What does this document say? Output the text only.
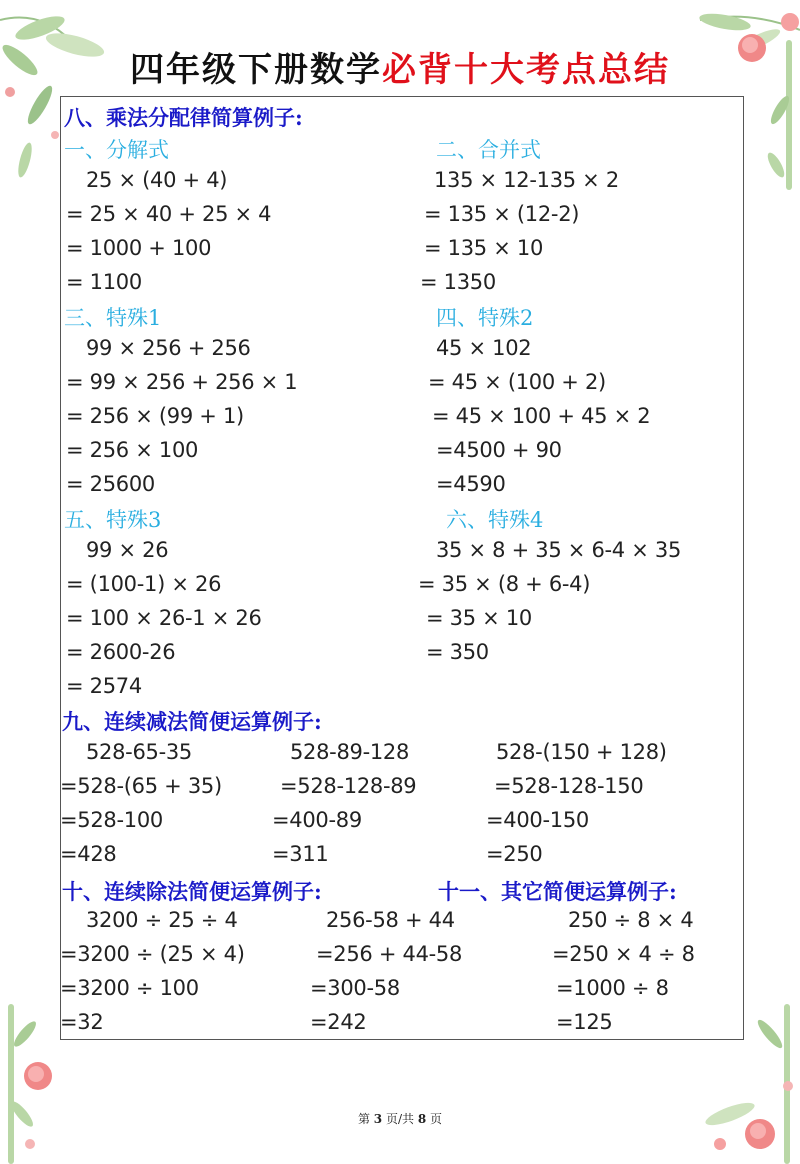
四年级下册数学必背十大考点总结
八、乘法分配律简算例子:
一、分解式
25 × (40 + 4)
= 25 × 40 + 25 × 4
= 1000 + 100
= 1100
二、合并式
135 × 12-135 × 2
= 135 × (12-2)
= 135 × 10
= 1350
三、特殊1
99 × 256 + 256
= 99 × 256 + 256 × 1
= 256 × (99 + 1)
= 256 × 100
= 25600
四、特殊2
45 × 102
= 45 × (100 + 2)
= 45 × 100 + 45 × 2
=4500 + 90
=4590
五、特殊3
99 × 26
= (100-1) × 26
= 100 × 26-1 × 26
= 2600-26
= 2574
六、特殊4
35 × 8 + 35 × 6-4 × 35
= 35 × (8 + 6-4)
= 35 × 10
= 350
九、连续减法简便运算例子:
528-65-35
=528-(65 + 35)
=528-100
=428
528-89-128
=528-128-89
=400-89
=311
528-(150 + 128)
=528-128-150
=400-150
=250
十、连续除法简便运算例子:
3200 ÷ 25 ÷ 4
=3200 ÷ (25 × 4)
=3200 ÷ 100
=32
十一、其它简便运算例子:
256-58 + 44
=256 + 44-58
=300-58
=242
250 ÷ 8 × 4
=250 × 4 ÷ 8
=1000 ÷ 8
=125
第 3 页/共 8 页
